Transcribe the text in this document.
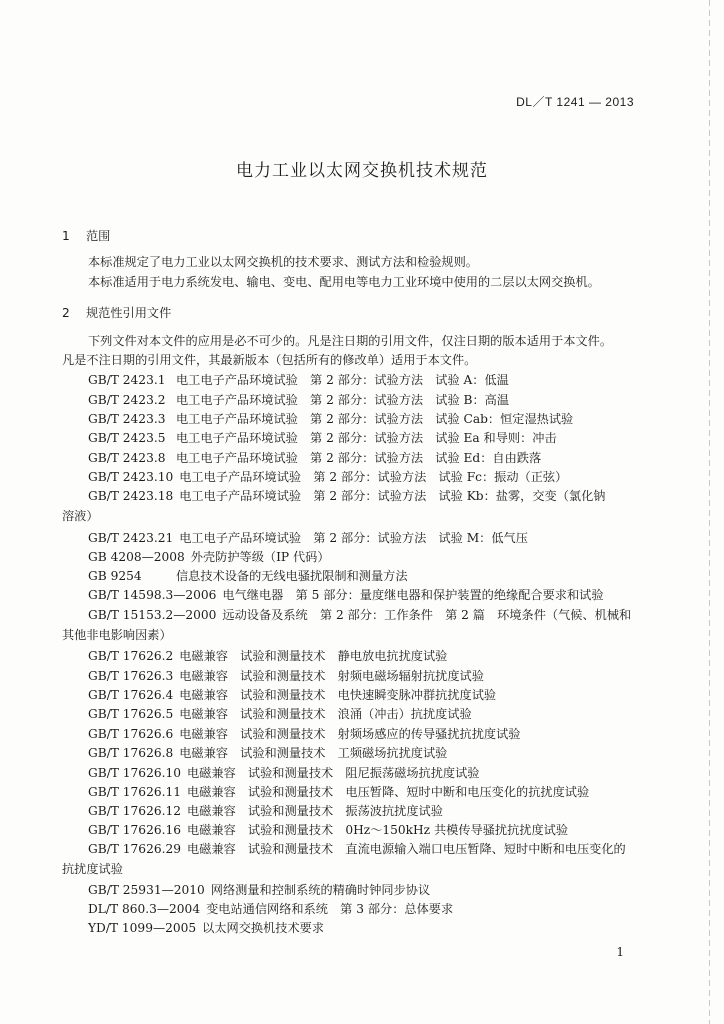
DL／T 1241 — 2013
电力工业以太网交换机技术规范
1 范围
本标准规定了电力工业以太网交换机的技术要求、测试方法和检验规则。
本标准适用于电力系统发电、输电、变电、配用电等电力工业环境中使用的二层以太网交换机。
2 规范性引用文件
下列文件对本文件的应用是必不可少的。凡是注日期的引用文件，仅注日期的版本适用于本文件。
凡是不注日期的引用文件，其最新版本（包括所有的修改单）适用于本文件。
GB/T 2423.1 电工电子产品环境试验　第 2 部分：试验方法　试验 A：低温
GB/T 2423.2 电工电子产品环境试验　第 2 部分：试验方法　试验 B：高温
GB/T 2423.3 电工电子产品环境试验　第 2 部分：试验方法　试验 Cab：恒定湿热试验
GB/T 2423.5 电工电子产品环境试验　第 2 部分：试验方法　试验 Ea 和导则：冲击
GB/T 2423.8 电工电子产品环境试验　第 2 部分：试验方法　试验 Ed：自由跌落
GB/T 2423.10 电工电子产品环境试验　第 2 部分：试验方法　试验 Fc：振动（正弦）
GB/T 2423.18 电工电子产品环境试验　第 2 部分：试验方法　试验 Kb：盐雾，交变（氯化钠
溶液）
GB/T 2423.21 电工电子产品环境试验　第 2 部分：试验方法　试验 M：低气压
GB 4208—2008 外壳防护等级（IP 代码）
GB 9254	信息技术设备的无线电骚扰限制和测量方法
GB/T 14598.3—2006 电气继电器　第 5 部分：量度继电器和保护装置的绝缘配合要求和试验
GB/T 15153.2—2000 远动设备及系统　第 2 部分：工作条件　第 2 篇　环境条件（气候、机械和
其他非电影响因素）
GB/T 17626.2 电磁兼容　试验和测量技术　静电放电抗扰度试验
GB/T 17626.3 电磁兼容　试验和测量技术　射频电磁场辐射抗扰度试验
GB/T 17626.4 电磁兼容　试验和测量技术　电快速瞬变脉冲群抗扰度试验
GB/T 17626.5 电磁兼容　试验和测量技术　浪涌（冲击）抗扰度试验
GB/T 17626.6 电磁兼容　试验和测量技术　射频场感应的传导骚扰抗扰度试验
GB/T 17626.8 电磁兼容　试验和测量技术　工频磁场抗扰度试验
GB/T 17626.10 电磁兼容　试验和测量技术　阻尼振荡磁场抗扰度试验
GB/T 17626.11 电磁兼容　试验和测量技术　电压暂降、短时中断和电压变化的抗扰度试验
GB/T 17626.12 电磁兼容　试验和测量技术　振荡波抗扰度试验
GB/T 17626.16 电磁兼容　试验和测量技术　0Hz～150kHz 共模传导骚扰抗扰度试验
GB/T 17626.29 电磁兼容　试验和测量技术　直流电源输入端口电压暂降、短时中断和电压变化的
抗扰度试验
GB/T 25931—2010 网络测量和控制系统的精确时钟同步协议
DL/T 860.3—2004 变电站通信网络和系统　第 3 部分：总体要求
YD/T 1099—2005 以太网交换机技术要求
1
